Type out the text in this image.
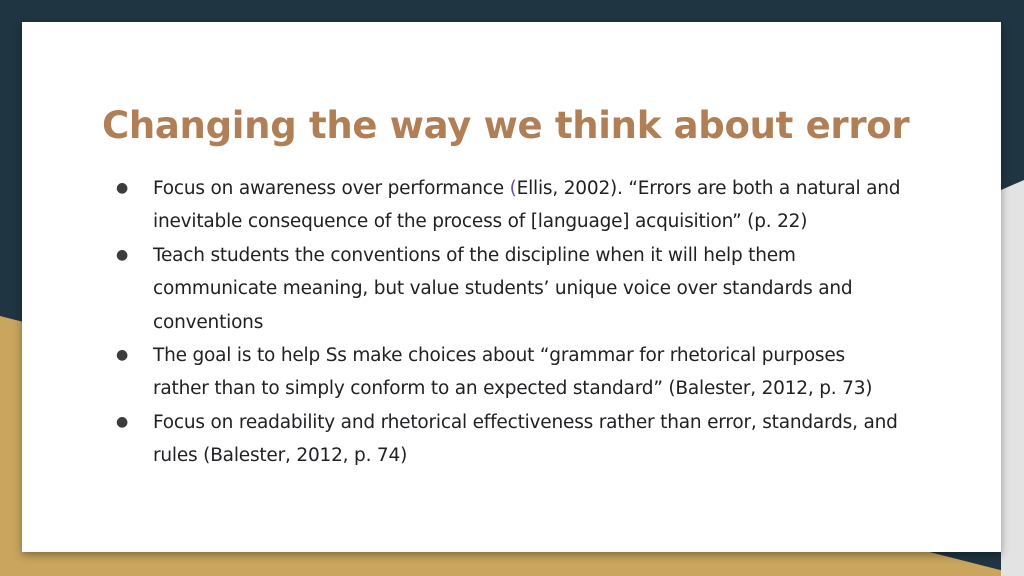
Changing the way we think about error
● Focus on awareness over performance (Ellis, 2002). “Errors are both a natural and inevitable consequence of the process of [language] acquisition” (p. 22)
● Teach students the conventions of the discipline when it will help them communicate meaning, but value students’ unique voice over standards and conventions
● The goal is to help Ss make choices about “grammar for rhetorical purposes rather than to simply conform to an expected standard” (Balester, 2012, p. 73)
● Focus on readability and rhetorical effectiveness rather than error, standards, and rules (Balester, 2012, p. 74)
